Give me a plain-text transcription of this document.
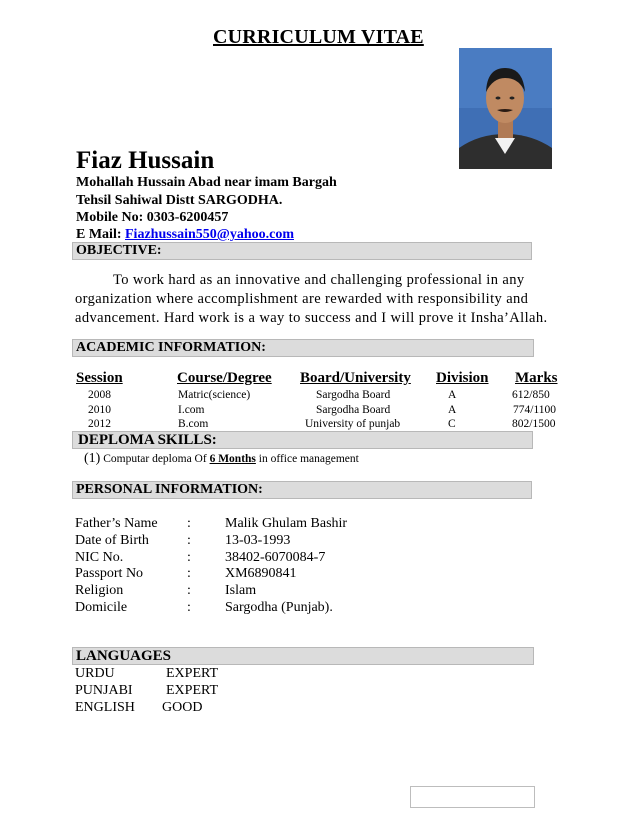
CURRICULUM VITAE
Fiaz Hussain
Mohallah Hussain Abad near imam Bargah
Tehsil Sahiwal Distt SARGODHA.
Mobile No: 0303-6200457
E Mail: Fiazhussain550@yahoo.com
OBJECTIVE:
To work hard as an innovative and challenging professional in any
organization where accomplishment are rewarded with responsibility and
advancement. Hard work is a way to success and I will prove it Insha’Allah.
ACADEMIC INFORMATION:
Session	Course/Degree Board/University Division Marks
2008	Matric(science)	Sargodha Board	A	612/850
2010	I.com	Sargodha Board	A	774/1100
2012	B.com	University of punjab	C	802/1500
DEPLOMA SKILLS:
(1) Computar deploma Of 6 Months in office management
PERSONAL INFORMATION:
Father’s Name : Malik Ghulam Bashir
Date of Birth	: 13-03-1993
NIC No.	: 38402-6070084-7
Passport No	: XM6890841
Religion	: Islam
Domicile	: Sargodha (Punjab).
LANGUAGES
URDU	EXPERT
PUNJABI EXPERT
ENGLISH GOOD
